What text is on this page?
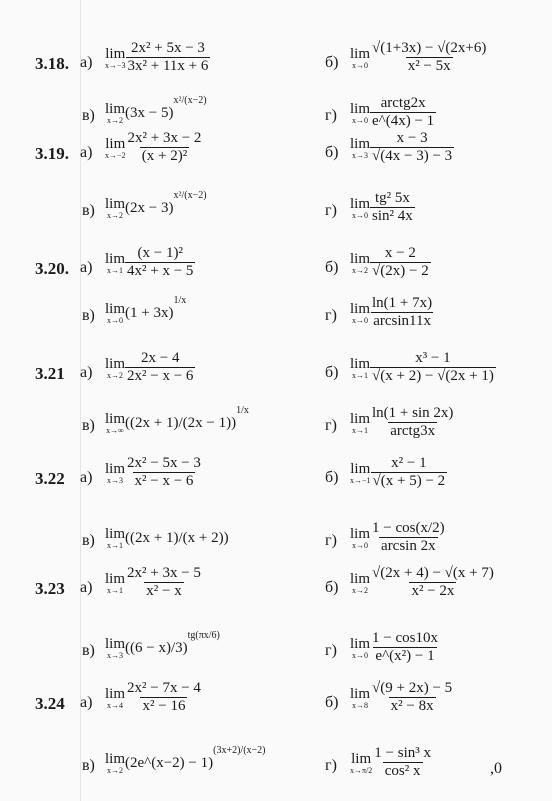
3.18. а)
lim
$x\to-3 \frac{\text{2x² + 5x − 3}}{\text{3x² + 11x + 6}}$	б)
lim
$x\to 0 \frac{√(1+3x) - √(2x+6)}{\text{x² − 5x}}$
в) lim
x→2 $(3x - 5)^{x^2/(x-2)}$
г) lim
$x\to 0 \frac{\text{arctg2x}}{e\^{}(4x) - 1}$
3.19. а)
lim
$x\to-2 \frac{\text{2x² + 3x − 2}}{\text{(x + 2)²}}$	б)
lim
$x\to 3 \frac{x - 3}{√(4x - 3) - 3}$
в) lim
x→2 $(2x - 3)^{x^2/(x-2)}$
г) lim
$x\to 0 \frac{\text{tg² 5x}}{\text{sin² 4x}}$
3.20. а)
lim
$x\to 1 \frac{\text{(x − 1)²}}{\text{4x² + x − 5}}$	б)
lim
$x\to 2 \frac{x - 2}{√(2x) - 2}$
в) lim
x→0 $(1 + 3x)^{1/x}$
г) lim
$x\to 0 \frac{\ln(1 + 7x)}{\arcsin 11x}$
3.21 а)
lim
$x\to 2 \frac{2x - 4}{\text{2x² − x − 6}}$	б)
lim
$x\to 1 \frac{\text{x³ − 1}}{√(x + 2) - √(2x + 1)}$
в) lim
x→∞ $((2x + 1)/(2x - 1))^{1/x}$
г) lim
$x\to 1 \frac{\ln(1 + \sin 2x)}{\text{arctg3x}}$
3.22 а)
lim
$x\to 3 \frac{\text{2x² − 5x − 3}}{\text{x² − x − 6}}$	б)
lim
$x\to-1 \frac{\text{x² − 1}}{√(x + 5) - 2}$
в) lim
x→1 ((2x + 1)/(x + 2))	г) lim
$x\to 0 \frac{1 - \cos(x/2)}{\arcsin 2x}$
3.23 а)
lim
$x\to 1 \frac{\text{2x² + 3x − 5}}{\text{x² − x}}$	б)
lim
$x\to 2 \frac{√(2x + 4) - √(x + 7)}{\text{x² − 2x}}$
в) lim
x→3 $((6 - x)/3)^{tg(\pi x/6)}$
г) lim
$x\to 0 \frac{1 - \cos 10x}{\text{e\textasciicircum{}(x²) − 1}}$
3.24 а)
lim
$x\to 4 \frac{\text{2x² − 7x − 4}}{\text{x² − 16}}$	б)
lim
$x\to 8 \frac{√(9 + 2x) - 5}{\text{x² − 8x}}$
в) lim
x→2 (2e^(x−2) − 1)$^{(3x+2)/(x-2)}$
г) lim
$x\to\pi/2 \frac{\text{1 − sin³ x}}{\text{cos² x}}$	,0
